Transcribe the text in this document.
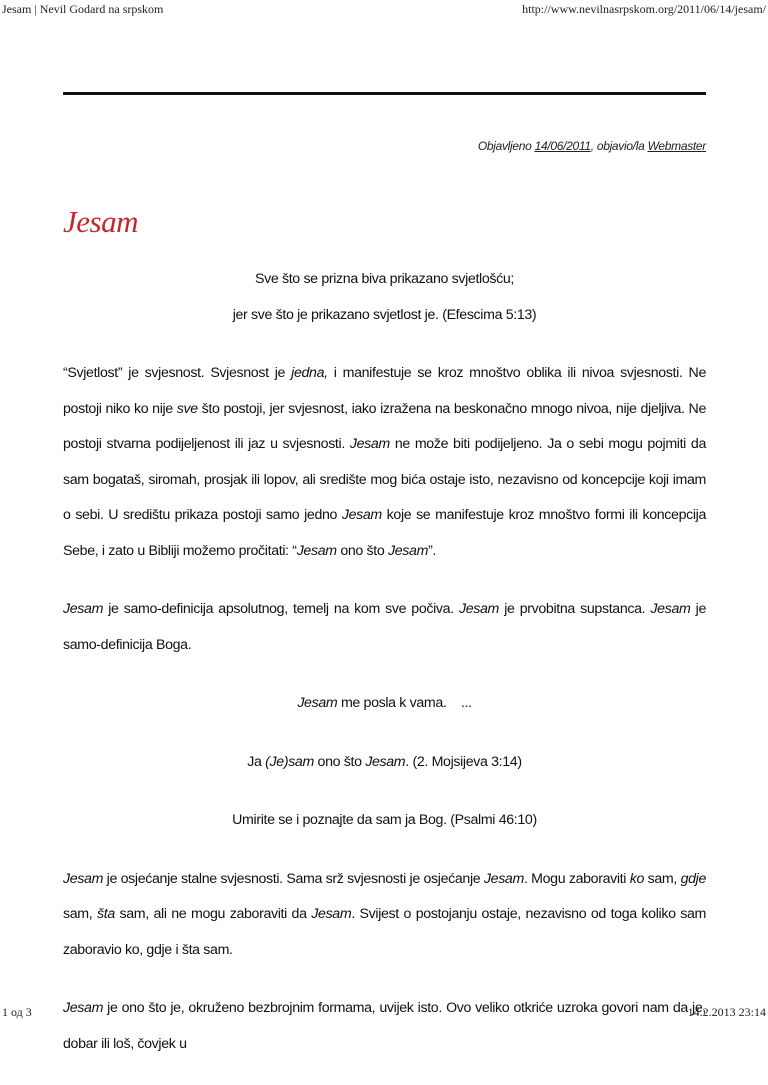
Jesam | Nevil Godard na srpskom	http://www.nevilnasrpskom.org/2011/06/14/jesam/
Objavljeno 14/06/2011, objavio/la Webmaster
Jesam

Sve što se prizna biva prikazano svjetlošću;
jer sve što je prikazano svjetlost je. (Efescima 5:13)

“Svjetlost” je svjesnost. Svjesnost je jedna, i manifestuje se kroz mnoštvo oblika ili nivoa svjesnosti. Ne postoji niko ko nije sve što postoji, jer svjesnost, iako izražena na beskonačno mnogo nivoa, nije djeljiva. Ne postoji stvarna podijeljenost ili jaz u svjesnosti. Jesam ne može biti podijeljeno. Ja o sebi mogu pojmiti da sam bogataš, siromah, prosjak ili lopov, ali središte mog bića ostaje isto, nezavisno od koncepcije koji imam o sebi. U središtu prikaza postoji samo jedno Jesam koje se manifestuje kroz mnoštvo formi ili koncepcija Sebe, i zato u Bibliji možemo pročitati: “Jesam ono što Jesam”.

Jesam je samo-definicija apsolutnog, temelj na kom sve počiva. Jesam je prvobitna supstanca. Jesam je samo-definicija Boga.

Jesam me posla k vama.    ...

Ja (Je)sam ono što Jesam. (2. Mojsijeva 3:14)

Umirite se i poznajte da sam ja Bog. (Psalmi 46:10)

Jesam je osjećanje stalne svjesnosti. Sama srž svjesnosti je osjećanje Jesam. Mogu zaboraviti ko sam, gdje sam, šta sam, ali ne mogu zaboraviti da Jesam. Svijest o postojanju ostaje, nezavisno od toga koliko sam zaboravio ko, gdje i šta sam.

Jesam je ono što je, okruženo bezbrojnim formama, uvijek isto. Ovo veliko otkriće uzroka govori nam da je, dobar ili loš, čovjek u

1 од 3	14.2.2013 23:14
